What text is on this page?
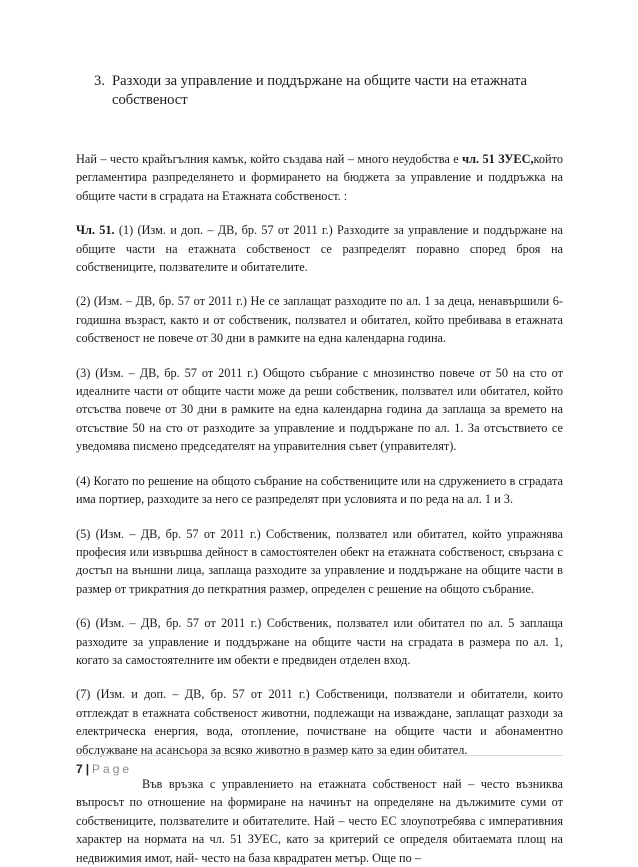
3. Разходи за управление и поддържане на общите части на етажната собственост

Най – често крайъгълния камък, който създава най – много неудобства е чл. 51 ЗУЕС,който регламентира разпределянето и формирането на бюджета за управление и поддръжка на общите части в сградата на Етажната собственост. :

Чл. 51. (1) (Изм. и доп. – ДВ, бр. 57 от 2011 г.) Разходите за управление и поддържане на общите части на етажната собственост се разпределят поравно според броя на собствениците, ползвателите и обитателите.

(2) (Изм. – ДВ, бр. 57 от 2011 г.) Не се заплащат разходите по ал. 1 за деца, ненавършили 6-годишна възраст, както и от собственик, ползвател и обитател, който пребивава в етажната собственост не повече от 30 дни в рамките на една календарна година.

(3) (Изм. – ДВ, бр. 57 от 2011 г.) Общото събрание с мнозинство повече от 50 на сто от идеалните части от общите части може да реши собственик, ползвател или обитател, който отсъства повече от 30 дни в рамките на една календарна година да заплаща за времето на отсъствие 50 на сто от разходите за управление и поддържане по ал. 1. За отсъствието се уведомява писмено председателят на управителния съвет (управителят).

(4) Когато по решение на общото събрание на собствениците или на сдружението в сградата има портиер, разходите за него се разпределят при условията и по реда на ал. 1 и 3.

(5) (Изм. – ДВ, бр. 57 от 2011 г.) Собственик, ползвател или обитател, който упражнява професия или извършва дейност в самостоятелен обект на етажната собственост, свързана с достъп на външни лица, заплаща разходите за управление и поддържане на общите части в размер от трикратния до петкратния размер, определен с решение на общото събрание.

(6) (Изм. – ДВ, бр. 57 от 2011 г.) Собственик, ползвател или обитател по ал. 5 заплаща разходите за управление и поддържане на общите части на сградата в размера по ал. 1, когато за самостоятелните им обекти е предвиден отделен вход.

(7) (Изм. и доп. – ДВ, бр. 57 от 2011 г.) Собственици, ползватели и обитатели, които отглеждат в етажната собственост животни, подлежащи на изваждане, заплащат разходи за електрическа енергия, вода, отопление, почистване на общите части и абонаментно обслужване на асансьора за всяко животно в размер като за един обитател.

Във връзка с управлението на етажната собственост най – често възниква въпросът по отношение на формиране на начинът на определяне на дължимите суми от собствениците, ползвателите и обитателите. Най – често ЕС злоупотребява с императивния характер на нормата на чл. 51 ЗУЕС, като за критерий се определя обитаемата площ на недвижимия имот, най- често на база кврадратен метър. Още по –

7 | Page
